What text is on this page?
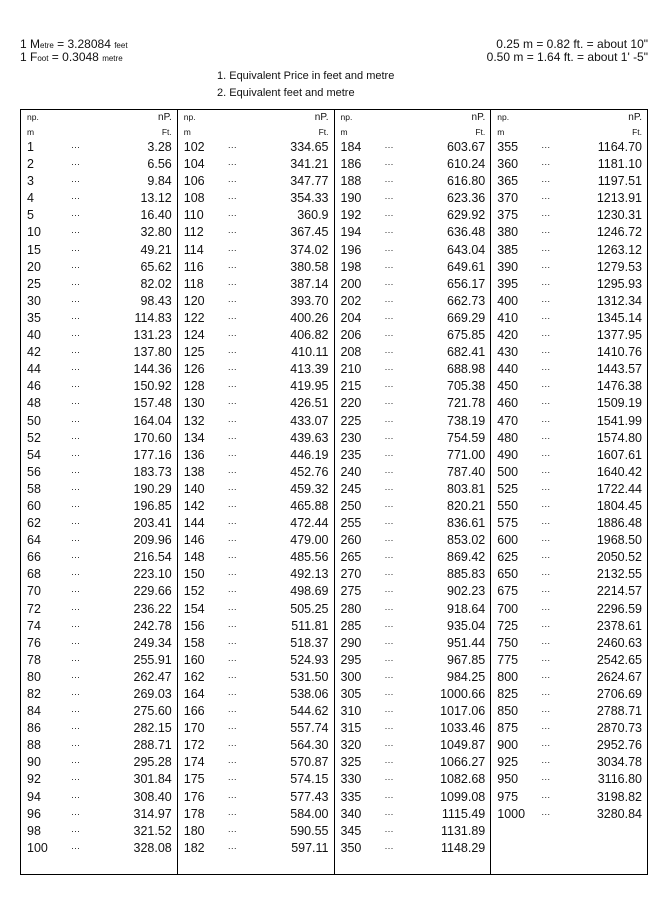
1 Metre = 3.28084 feet
1 Foot = 0.3048 metre
0.25 m = 0.82 ft. = about 10"
0.50 m = 1.64 ft. = about 1' -5"
1. Equivalent Price in feet and metre
2. Equivalent feet and metre
np.	nP.
m	Ft.
1	···	3.28
2	···	6.56
3	···	9.84
4	···	13.12
5	···	16.40
10	···	32.80
15	···	49.21
20	···	65.62
25	···	82.02
30	···	98.43
35	···	114.83
40	···	131.23
42	···	137.80
44	···	144.36
46	···	150.92
48	···	157.48
50	···	164.04
52	···	170.60
54	···	177.16
56	···	183.73
58	···	190.29
60	···	196.85
62	···	203.41
64	···	209.96
66	···	216.54
68	···	223.10
70	···	229.66
72	···	236.22
74	···	242.78
76	···	249.34
78	···	255.91
80	···	262.47
82	···	269.03
84	···	275.60
86	···	282.15
88	···	288.71
90	···	295.28
92	···	301.84
94	···	308.40
96	···	314.97
98	···	321.52
100	···	328.08
np.	nP.
m	Ft.
102	···	334.65
104	···	341.21
106	···	347.77
108	···	354.33
110	···	360.9
112	···	367.45
114	···	374.02
116	···	380.58
118	···	387.14
120	···	393.70
122	···	400.26
124	···	406.82
125	···	410.11
126	···	413.39
128	···	419.95
130	···	426.51
132	···	433.07
134	···	439.63
136	···	446.19
138	···	452.76
140	···	459.32
142	···	465.88
144	···	472.44
146	···	479.00
148	···	485.56
150	···	492.13
152	···	498.69
154	···	505.25
156	···	511.81
158	···	518.37
160	···	524.93
162	···	531.50
164	···	538.06
166	···	544.62
170	···	557.74
172	···	564.30
174	···	570.87
175	···	574.15
176	···	577.43
178	···	584.00
180	···	590.55
182	···	597.11
np.	nP.
m	Ft.
184	···	603.67
186	···	610.24
188	···	616.80
190	···	623.36
192	···	629.92
194	···	636.48
196	···	643.04
198	···	649.61
200	···	656.17
202	···	662.73
204	···	669.29
206	···	675.85
208	···	682.41
210	···	688.98
215	···	705.38
220	···	721.78
225	···	738.19
230	···	754.59
235	···	771.00
240	···	787.40
245	···	803.81
250	···	820.21
255	···	836.61
260	···	853.02
265	···	869.42
270	···	885.83
275	···	902.23
280	···	918.64
285	···	935.04
290	···	951.44
295	···	967.85
300	···	984.25
305	···	1000.66
310	···	1017.06
315	···	1033.46
320	···	1049.87
325	···	1066.27
330	···	1082.68
335	···	1099.08
340	···	1115.49
345	···	1131.89
350	···	1148.29
np.	nP.
m	Ft.
355	···	1164.70
360	···	1181.10
365	···	1197.51
370	···	1213.91
375	···	1230.31
380	···	1246.72
385	···	1263.12
390	···	1279.53
395	···	1295.93
400	···	1312.34
410	···	1345.14
420	···	1377.95
430	···	1410.76
440	···	1443.57
450	···	1476.38
460	···	1509.19
470	···	1541.99
480	···	1574.80
490	···	1607.61
500	···	1640.42
525	···	1722.44
550	···	1804.45
575	···	1886.48
600	···	1968.50
625	···	2050.52
650	···	2132.55
675	···	2214.57
700	···	2296.59
725	···	2378.61
750	···	2460.63
775	···	2542.65
800	···	2624.67
825	···	2706.69
850	···	2788.71
875	···	2870.73
900	···	2952.76
925	···	3034.78
950	···	3116.80
975	···	3198.82
1000 ···	3280.84
